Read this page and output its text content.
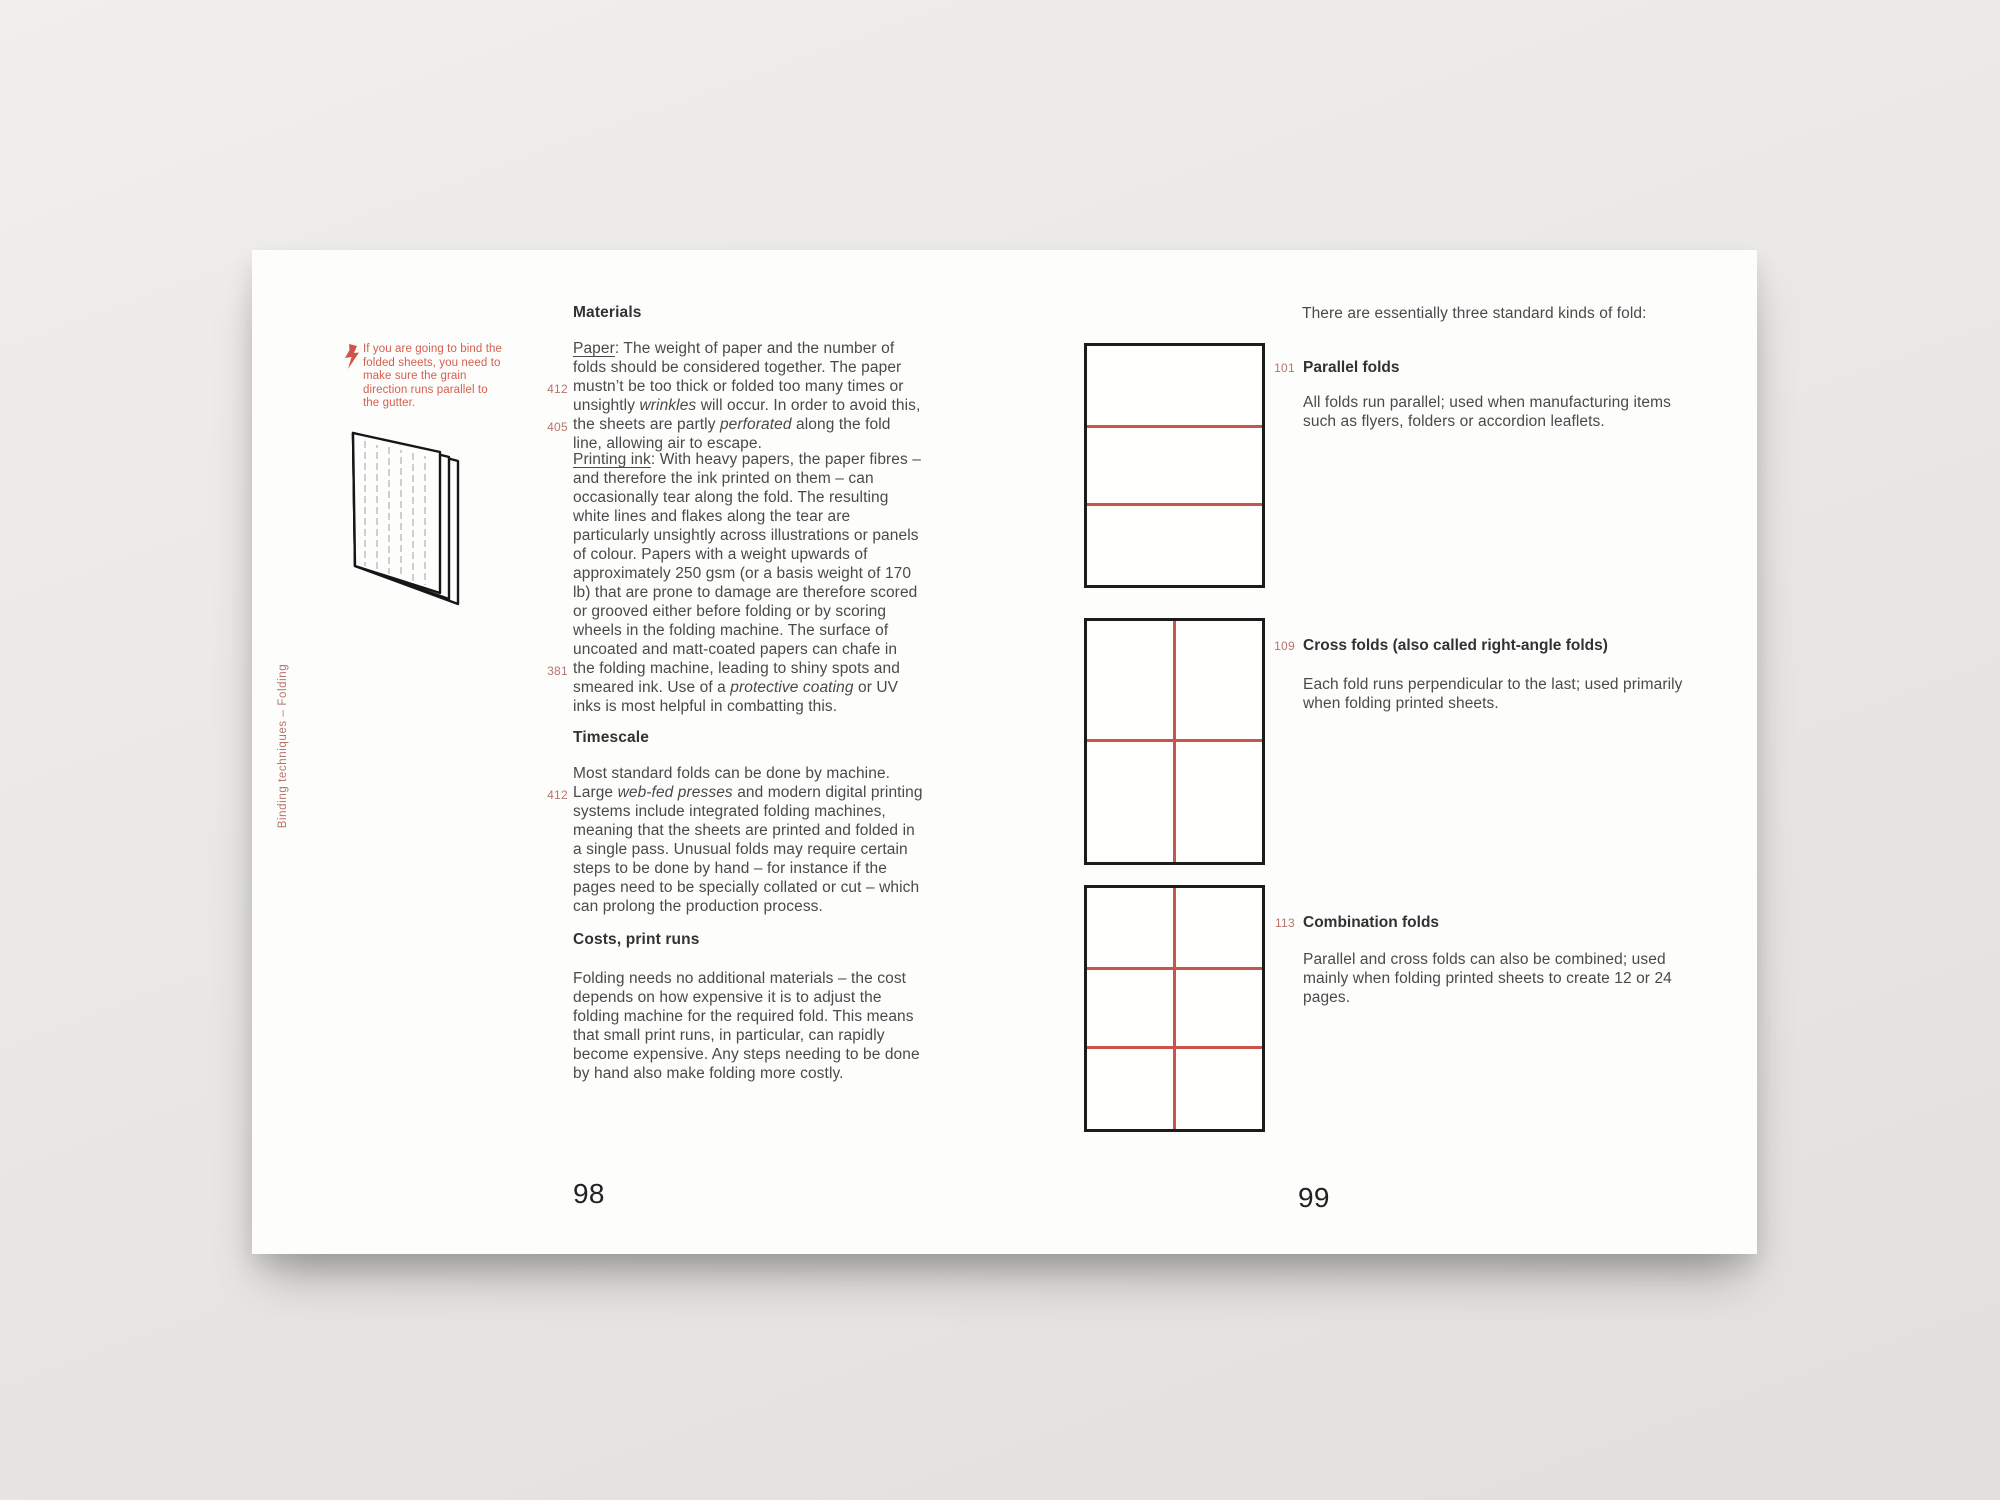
Binding techniques – Folding
If you are going to bind the folded sheets, you need to make sure the grain direction runs parallel to the gutter.
Materials
Paper: The weight of paper and the number of folds should be considered together. The paper mustn’t be too thick or folded too many times or unsightly wrinkles will occur. In order to avoid this, the sheets are partly perforated along the fold line, allowing air to escape.
Printing ink: With heavy papers, the paper fibres – and therefore the ink printed on them – can occasionally tear along the fold. The resulting white lines and flakes along the tear are particularly unsightly across illustrations or panels of colour. Papers with a weight upwards of approximately 250 gsm (or a basis weight of 170 lb) that are prone to damage are therefore scored or grooved either before folding or by scoring wheels in the folding machine. The surface of uncoated and matt-coated papers can chafe in the folding machine, leading to shiny spots and smeared ink. Use of a protective coating or UV inks is most helpful in combatting this.
Timescale
Most standard folds can be done by machine. Large web-fed presses and modern digital printing systems include integrated folding machines, meaning that the sheets are printed and folded in a single pass. Unusual folds may require certain steps to be done by hand – for instance if the pages need to be specially collated or cut – which can prolong the production process.
Costs, print runs
Folding needs no additional materials – the cost depends on how expensive it is to adjust the folding machine for the required fold. This means that small print runs, in particular, can rapidly become expensive. Any steps needing to be done by hand also make folding more costly.
412
405
381
412
98
There are essentially three standard kinds of fold:
101 Parallel folds
All folds run parallel; used when manufacturing items such as flyers, folders or accordion leaflets.
109 Cross folds (also called right-angle folds)
Each fold runs perpendicular to the last; used primarily when folding printed sheets.
113 Combination folds
Parallel and cross folds can also be combined; used mainly when folding printed sheets to create 12 or 24 pages.
99
